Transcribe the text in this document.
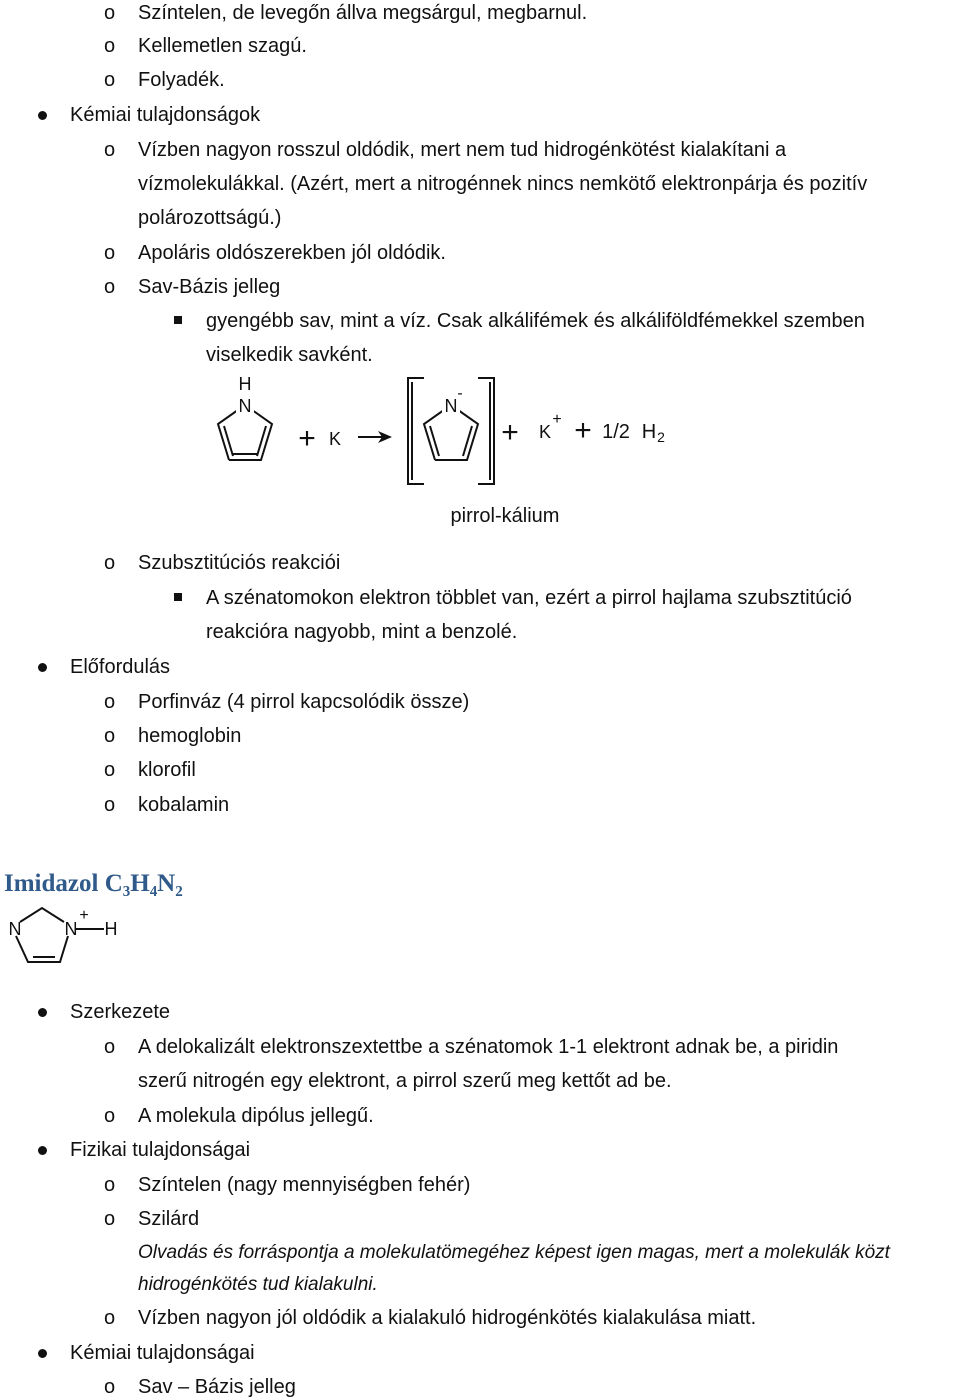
o Színtelen, de levegőn állva megsárgul, megbarnul.
o Kellemetlen szagú.
o Folyadék.
Kémiai tulajdonságok
o Vízben nagyon rosszul oldódik, mert nem tud hidrogénkötést kialakítani a
vízmolekulákkal. (Azért, mert a nitrogénnek nincs nemkötő elektronpárja és pozitív
polározottságú.)
o Apoláris oldószerekben jól oldódik.
o Sav-Bázis jelleg
gyengébb sav, mint a víz. Csak alkálifémek és alkáliföldfémekkel szemben
viselkedik savként.
N
H
+ K
N
-
+ K
+ + 1/2 H 2
pirrol-kálium
o Szubsztitúciós reakciói
A szénatomokon elektron többlet van, ezért a pirrol hajlama szubsztitúció
reakcióra nagyobb, mint a benzolé.
Előfordulás
o Porfinváz (4 pirrol kapcsolódik össze)
o hemoglobin
o klorofil
o kobalamin
Imidazol C₃H₄N₂
N N
+
H
Szerkezete
o A delokalizált elektronszextettbe a szénatomok 1-1 elektront adnak be, a piridin
szerű nitrogén egy elektront, a pirrol szerű meg kettőt ad be.
o A molekula dipólus jellegű.
Fizikai tulajdonságai
o Színtelen (nagy mennyiségben fehér)
o Szilárd
Olvadás és forráspontja a molekulatömegéhez képest igen magas, mert a molekulák közt
hidrogénkötés tud kialakulni.
o Vízben nagyon jól oldódik a kialakuló hidrogénkötés kialakulása miatt.
Kémiai tulajdonságai
o Sav – Bázis jelleg
